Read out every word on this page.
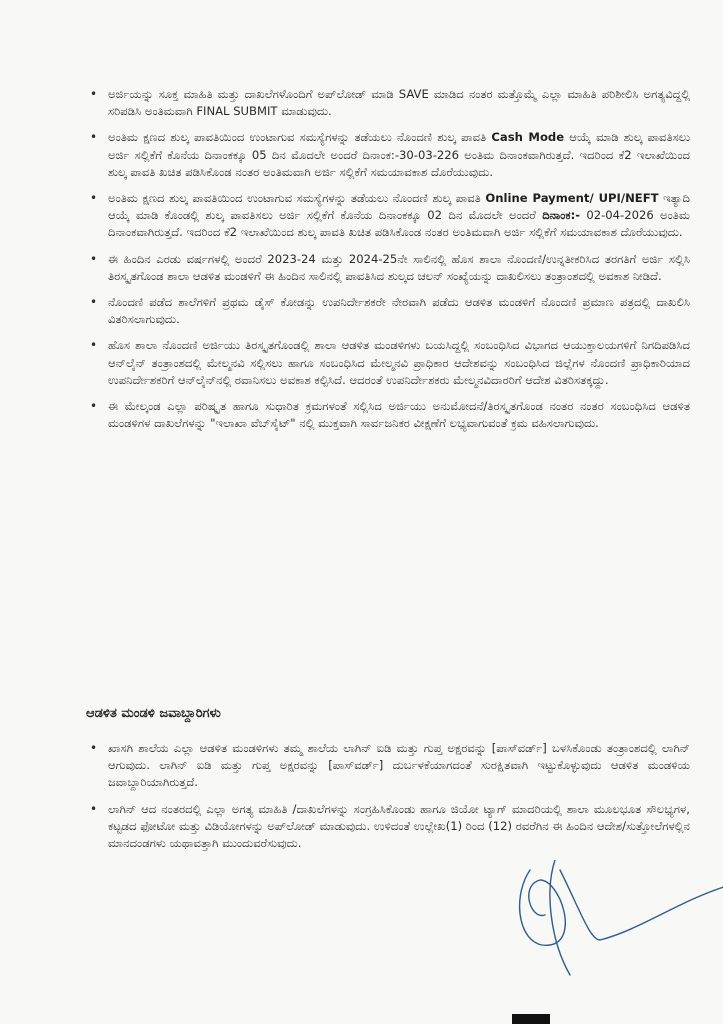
• ಅರ್ಜಿಯನ್ನು ಸೂಕ್ತ ಮಾಹಿತಿ ಮತ್ತು ದಾಖಲೆಗಳೊಂದಿಗೆ ಅಪ್‌ಲೋಡ್ ಮಾಡಿ SAVE ಮಾಡಿದ ನಂತರ ಮತ್ತೊಮ್ಮೆ ಎಲ್ಲಾ ಮಾಹಿತಿ ಪರಿಶೀಲಿಸಿ ಅಗತ್ಯವಿದ್ದಲ್ಲಿ ಸರಿಪಡಿಸಿ ಅಂತಿಮವಾಗಿ FINAL SUBMIT ಮಾಡುವುದು.
• ಅಂತಿಮ ಕ್ಷಣದ ಶುಲ್ಕ ಪಾವತಿಯಿಂದ ಉಂಟಾಗುವ ಸಮಸ್ಯೆಗಳನ್ನು ತಡೆಯಲು ನೊಂದಣಿ ಶುಲ್ಕ ಪಾವತಿ Cash Mode ಆಯ್ಕೆ ಮಾಡಿ ಶುಲ್ಕ ಪಾವತಿಸಲು ಅರ್ಜಿ ಸಲ್ಲಿಕೆಗೆ ಕೊನೆಯ ದಿನಾಂಕಕ್ಕೂ 05 ದಿನ ಮೊದಲೇ ಅಂದರೆ ದಿನಾಂಕ:-30-03-226 ಅಂತಿಮ ದಿನಾಂಕವಾಗಿರುತ್ತದೆ. ಇದರಿಂದ ಕೆ2 ಇಲಾಖೆಯಿಂದ ಶುಲ್ಕ ಪಾವತಿ ಖಚಿತ ಪಡಿಸಿಕೊಂಡ ನಂತರ ಅಂತಿಮವಾಗಿ ಅರ್ಜಿ ಸಲ್ಲಿಕೆಗೆ ಸಮಯಾವಕಾಶ ದೊರೆಯುವುದು.
• ಅಂತಿಮ ಕ್ಷಣದ ಶುಲ್ಕ ಪಾವತಿಯಿಂದ ಉಂಟಾಗುವ ಸಮಸ್ಯೆಗಳನ್ನು ತಡೆಯಲು ನೊಂದಣಿ ಶುಲ್ಕ ಪಾವತಿ Online Payment/ UPI/NEFT ಇತ್ಯಾದಿ ಆಯ್ಕೆ ಮಾಡಿ ಕೊಂಡಲ್ಲಿ ಶುಲ್ಕ ಪಾವತಿಸಲು ಅರ್ಜಿ ಸಲ್ಲಿಕೆಗೆ ಕೊನೆಯ ದಿನಾಂಕಕ್ಕೂ 02 ದಿನ ಮೊದಲೇ ಅಂದರೆ ದಿನಾಂಕ:- 02-04-2026 ಅಂತಿಮ ದಿನಾಂಕವಾಗಿರುತ್ತದೆ. ಇದರಿಂದ ಕೆ2 ಇಲಾಖೆಯಿಂದ ಶುಲ್ಕ ಪಾವತಿ ಖಚಿತ ಪಡಿಸಿಕೊಂಡ ನಂತರ ಅಂತಿಮವಾಗಿ ಅರ್ಜಿ ಸಲ್ಲಿಕೆಗೆ ಸಮಯಾವಕಾಶ ದೊರೆಯುವುದು.
• ಈ ಹಿಂದಿನ ಎರಡು ವರ್ಷಗಳಲ್ಲಿ ಅಂದರೆ 2023-24 ಮತ್ತು 2024-25ನೇ ಸಾಲಿನಲ್ಲಿ ಹೊಸ ಶಾಲಾ ನೊಂದಣಿ/ಉನ್ನತೀಕರಿಸಿದ ತರಗತಿಗೆ ಅರ್ಜಿ ಸಲ್ಲಿಸಿ ತಿರಸ್ಕೃತಗೊಂಡ ಶಾಲಾ ಆಡಳಿತ ಮಂಡಳಿಗೆ ಈ ಹಿಂದಿನ ಸಾಲಿನಲ್ಲಿ ಪಾವತಿಸಿದ ಶುಲ್ಕದ ಚಲನ್ ಸಂಖ್ಯೆಯನ್ನು ದಾಖಲಿಸಲು ತಂತ್ರಾಂಶದಲ್ಲಿ ಅವಕಾಶ ನೀಡಿದೆ.
• ನೊಂದಣಿ ಪಡೆದ ಶಾಲೆಗಳಿಗೆ ಪ್ರಥಮ ಡೈಸ್ ಕೋಡನ್ನು ಉಪನಿರ್ದೇಶಕರೇ ನೇರವಾಗಿ ಪಡೆದು ಆಡಳಿತ ಮಂಡಳಿಗೆ ನೊಂದಣಿ ಪ್ರಮಾಣ ಪತ್ರದಲ್ಲಿ ದಾಖಲಿಸಿ ವಿತರಿಸಲಾಗುವುದು.
• ಹೊಸ ಶಾಲಾ ನೊಂದಣಿ ಅರ್ಜಿಯು ತಿರಸ್ಕೃತಗೊಂಡಲ್ಲಿ ಶಾಲಾ ಆಡಳಿತ ಮಂಡಳಿಗಳು ಬಯಸಿದ್ದಲ್ಲಿ ಸಂಬಂಧಿಸಿದ ವಿಭಾಗದ ಆಯುಕ್ತಾಲಯಗಳಿಗೆ ನಿಗದಿಪಡಿಸಿದ ಆನ್‌ಲೈನ್ ತಂತ್ರಾಂಶದಲ್ಲಿ ಮೇಲ್ಮನವಿ ಸಲ್ಲಿಸಲು ಹಾಗೂ ಸಂಬಂಧಿಸಿದ ಮೇಲ್ಮನವಿ ಪ್ರಾಧಿಕಾರ ಆದೇಶವನ್ನು ಸಂಬಂಧಿಸಿದ ಜಿಲ್ಲೆಗಳ ನೊಂದಣಿ ಪ್ರಾಧಿಕಾರಿಯಾದ ಉಪನಿರ್ದೇಶಕರಿಗೆ ಆನ್‌ಲೈನ್‌ನಲ್ಲಿ ರವಾನಿಸಲು ಅವಕಾಶ ಕಲ್ಪಿಸಿದೆ. ಆದರಂತೆ ಉಪನಿರ್ದೇಶಕರು ಮೇಲ್ಮನವಿದಾರರಿಗೆ ಆದೇಶ ವಿತರಿಸತಕ್ಕದ್ದು.
• ಈ ಮೇಲ್ಕಂಡ ಎಲ್ಲಾ ಪರಿಷ್ಕೃತ ಹಾಗೂ ಸುಧಾರಿತ ಕ್ರಮಗಳಂತೆ ಸಲ್ಲಿಸಿದ ಅರ್ಜಿಯು ಅನುಮೋದನೆ/ತಿರಸ್ಕೃತಗೊಂಡ ನಂತರ ನಂತರ ಸಂಬಂಧಿಸಿದ ಆಡಳಿತ ಮಂಡಳಿಗಳ ದಾಖಲೆಗಳನ್ನು "ಇಲಾಖಾ ವೆಬ್‌ಸೈಟ್" ನಲ್ಲಿ ಮುಕ್ತವಾಗಿ ಸಾರ್ವಜನಿಕರ ವೀಕ್ಷಣೆಗೆ ಲಭ್ಯವಾಗುವಂತೆ ಕ್ರಮ ವಹಿಸಲಾಗುವುದು.
ಆಡಳಿತ ಮಂಡಳಿ ಜವಾಬ್ದಾರಿಗಳು
• ಖಾಸಗಿ ಶಾಲೆಯ ಎಲ್ಲಾ ಆಡಳಿತ ಮಂಡಳಿಗಳು ತಮ್ಮ ಶಾಲೆಯ ಲಾಗಿನ್ ಐಡಿ ಮತ್ತು ಗುಪ್ತ ಅಕ್ಷರವನ್ನು [ಪಾಸ್‌ವರ್ಡ್] ಬಳಸಿಕೊಂಡು ತಂತ್ರಾಂಶದಲ್ಲಿ ಲಾಗಿನ್ ಆಗುವುದು. ಲಾಗಿನ್ ಐಡಿ ಮತ್ತು ಗುಪ್ತ ಅಕ್ಷರವನ್ನು [ಪಾಸ್‌ವರ್ಡ್] ದುರ್ಬಳಕೆಯಾಗದಂತೆ ಸುರಕ್ಷಿತವಾಗಿ ಇಟ್ಟುಕೊಳ್ಳುವುದು ಆಡಳಿತ ಮಂಡಳಿಯ ಜವಾಬ್ದಾರಿಯಾಗಿರುತ್ತದೆ.
• ಲಾಗಿನ್ ಆದ ನಂತರದಲ್ಲಿ ಎಲ್ಲಾ ಅಗತ್ಯ ಮಾಹಿತಿ /ದಾಖಲೆಗಳನ್ನು ಸಂಗ್ರಹಿಸಿಕೊಂಡು ಹಾಗೂ ಜಿಯೋ ಟ್ಯಾಗ್ ಮಾದರಿಯಲ್ಲಿ ಶಾಲಾ ಮೂಲಭೂತ ಸೌಲಭ್ಯಗಳ, ಕಟ್ಟಡದ ಫೋಟೋ ಮತ್ತು ವಿಡಿಯೋಗಳನ್ನು ಅಪ್‌ಲೋಡ್ ಮಾಡುವುದು. ಉಳಿದಂತೆ ಉಲ್ಲೇಖ(1) ರಿಂದ (12) ರವರೆಗಿನ ಈ ಹಿಂದಿನ ಆದೇಶ/ಸುತ್ತೋಲೆಗಳಲ್ಲಿನ ಮಾನದಂಡಗಳು ಯಥಾವತ್ತಾಗಿ ಮುಂದುವರೆಸುವುದು.
